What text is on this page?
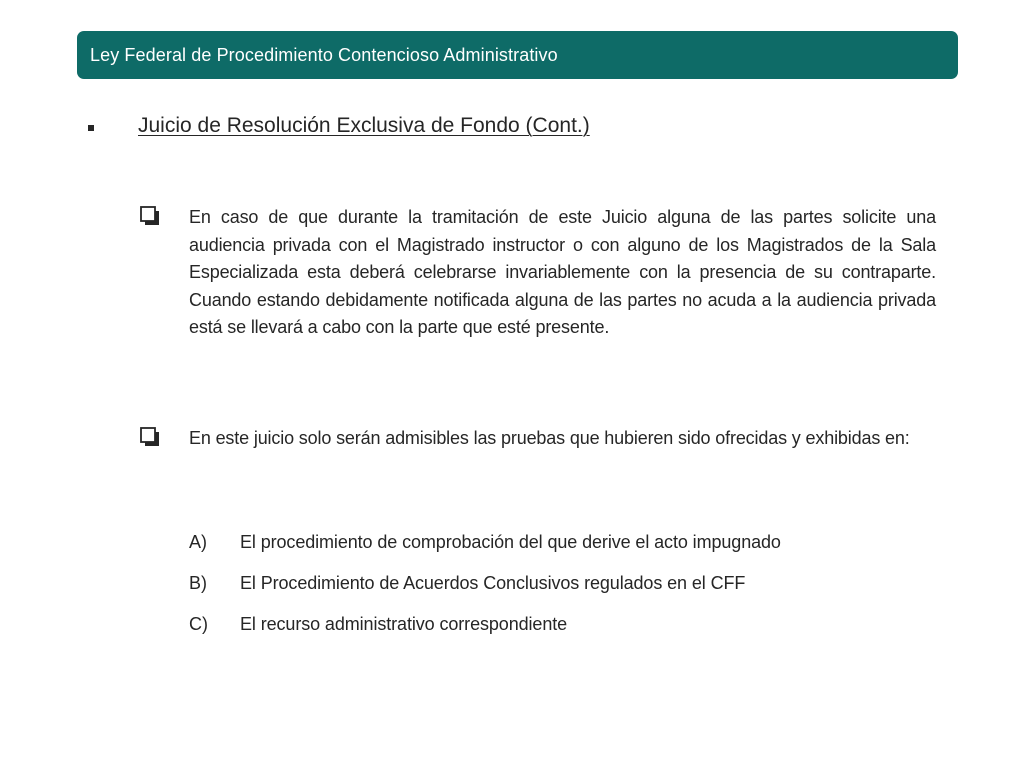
Ley Federal de Procedimiento Contencioso Administrativo
Juicio de Resolución Exclusiva de Fondo (Cont.)
En caso de que durante la tramitación de este Juicio alguna de las partes solicite una audiencia privada con el Magistrado instructor o con alguno de los Magistrados de la Sala Especializada esta deberá celebrarse invariablemente con la presencia de su contraparte. Cuando estando debidamente notificada alguna de las partes no acuda a la audiencia privada está se llevará a cabo con la parte que esté presente.
En este juicio solo serán admisibles las pruebas que hubieren sido ofrecidas y exhibidas en:
A) El procedimiento de comprobación del que derive el acto impugnado
B) El Procedimiento de Acuerdos Conclusivos regulados en el CFF
C) El recurso administrativo correspondiente
